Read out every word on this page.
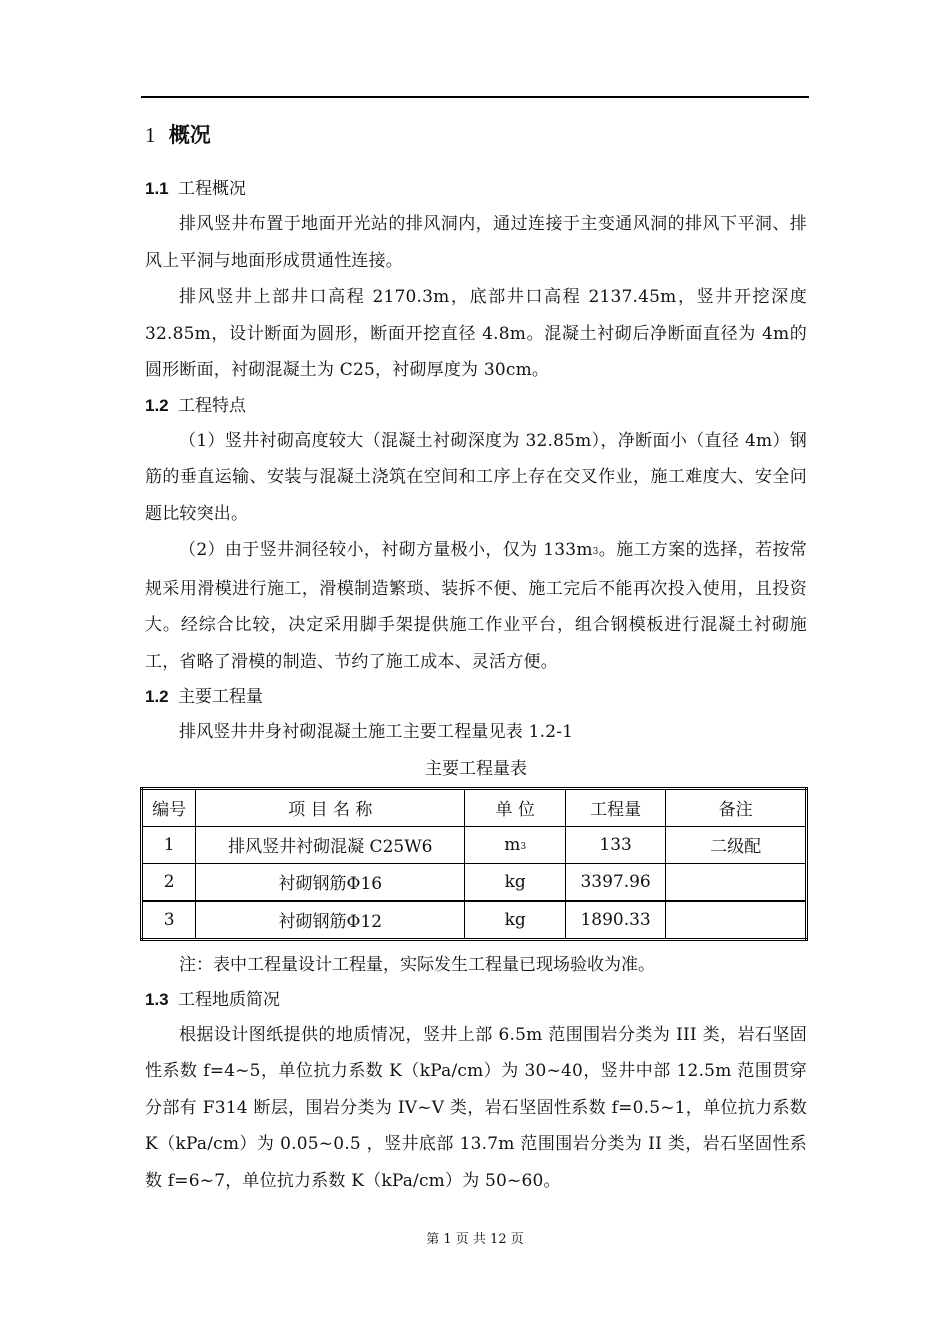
1 概况
1.1 工程概况

排风竖井布置于地面开光站的排风洞内，通过连接于主变通风洞的排风下平洞、排风上平洞与地面形成贯通性连接。

排风竖井上部井口高程 2170.3m，底部井口高程 2137.45m，竖井开挖深度32.85m，设计断面为圆形，断面开挖直径 4.8m。混凝土衬砌后净断面直径为 4m的圆形断面，衬砌混凝土为 C25，衬砌厚度为 30cm。

1.2 工程特点

（1）竖井衬砌高度较大（混凝土衬砌深度为 32.85m），净断面小（直径 4m）钢筋的垂直运输、安装与混凝土浇筑在空间和工序上存在交叉作业，施工难度大、安全问题比较突出。

（2）由于竖井洞径较小，衬砌方量极小，仅为 $133m^3$。施工方案的选择，若按常规采用滑模进行施工，滑模制造繁琐、装拆不便、施工完后不能再次投入使用，且投资大。经综合比较，决定采用脚手架提供施工作业平台，组合钢模板进行混凝土衬砌施工，省略了滑模的制造、节约了施工成本、灵活方便。

1.2 主要工程量

排风竖井井身衬砌混凝土施工主要工程量见表 1.2-1

主要工程量表

编号	项 目 名 称	单 位	工程量	备注
1	排风竖井衬砌混凝 C25W6	$m^3$	133	二级配
2	衬砌钢筋Φ16	kg	3397.96	
3	衬砌钢筋Φ12	kg	1890.33	

注：表中工程量设计工程量，实际发生工程量已现场验收为准。

1.3 工程地质简况

根据设计图纸提供的地质情况，竖井上部 6.5m 范围围岩分类为 III 类，岩石坚固性系数 f=4~5，单位抗力系数 K（kPa/cm）为 30~40，竖井中部 12.5m 范围贯穿分部有 F314 断层，围岩分类为 IV~V 类，岩石坚固性系数 f=0.5~1，单位抗力系数 K（kPa/cm）为 0.05~0.5 ，竖井底部 13.7m 范围围岩分类为 II 类，岩石坚固性系数 f=6~7，单位抗力系数 K（kPa/cm）为 50~60。

第 1 页 共 12 页
